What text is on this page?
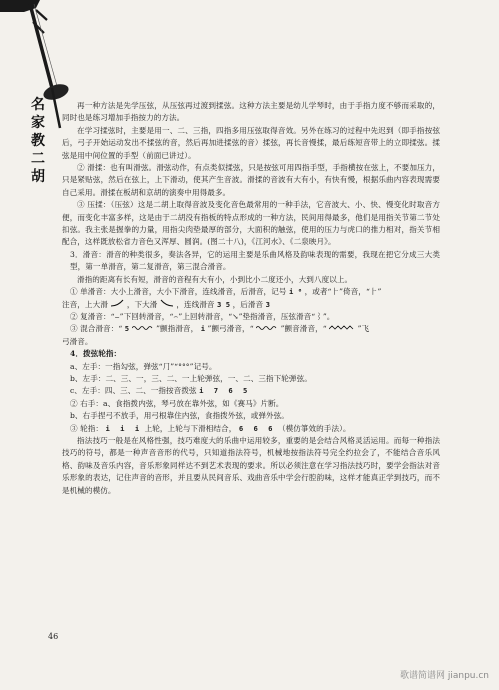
名
家
教
二
胡

再一种方法是先学压弦，从压弦再过渡到揉弦。这种方法主要是幼儿学琴时，由于手指力度不够而采取的，同时也是练习增加手指按力的方法。

在学习揉弦时，主要是用一、二、三指，四指多用压弦取得音效。另外在练习的过程中先迟到（即手指按弦后，弓子开始运动发出不揉弦的音，然后再加进揉弦的音）揉弦，再长音慢揉，最后练短音带上的立即揉弦。揉弦是用中间位置的手型（前面已讲过）。

② 滑揉：也有叫滑弦。滑弦动作，有点类似揉弦，只是按弦可用四指手型，手指横按在弦上，不要加压力，只是紧贴弦，然后在弦上，上下滑动，使其产生音波。滑揉的音波有大有小，有快有慢，根据乐曲内容表现需要自己采用。滑揉在板胡和京胡的演奏中用得最多。

③ 压揉：（压弦）这是二胡上取得音波及变化音色最常用的一种手法，它音波大、小、快、慢变化时取音方便，而变化丰富多样，这是由于二胡没有指板的特点形成的一种方法，民间用得最多，他们是用指关节第二节处扣弦。我主张是握拳的力量，用指尖肉垫最厚的部分，大面积的触弦，使用的压力与虎口的推力相对，指关节相配合，这样既放松省力音色又浑厚、圆润。(图二十八)，《江河水》、《二泉映月》。

3．滑音：滑音的种类很多，奏法各异，它的运用主要是乐曲风格及韵味表现的需要，我现在把它分成三大类型，第一单滑音，第二复滑音，第三混合滑音。

滑指的距离有长有短，滑音的音程有大有小，小到比小二度还小，大到八度以上。

① 单滑音：大小上滑音，大小下滑音，连线滑音，后滑音，记号 i ⁶ ，或者“⺊”倚音，“⺊”

注音，上大滑 ，下大滑 ，连线滑音 3 5 ，后滑音 3

② 复滑音：“⌣”下回转滑音，“⌢”上回转滑音，“↘”垫指滑音，压弦滑音“⌇”。

③ 混合滑音：“ 5	”颤指滑音， i ”颤弓滑音，“	”颤音滑音，“	”飞

弓滑音。

4．拨弦轮指：

a、左手：一指勾弦，弹弦“⺆”“°°°”记号。

b、左手：二、三、一，三、二、一上轮弹弦，一、二、三指下轮弹弦。

c、左手：四、三、二、一指按音拨弦 i 7 6 5

② 右手：a、食指拨内弦，琴弓放在靠外弦，如《赛马》片断。

b、右手捏弓不放手，用弓根靠住内弦，食指拨外弦，或弹外弦。

③ 轮指： i i i 上轮，上轮与下滑相结合， 6 6 6 （模仿箏效的手法）。

指法技巧一般是在风格性强，技巧难度大的乐曲中运用较多，重要的是会结合风格灵活运用。而每一种指法技巧的符号，都是一种声音音形的代号，只知道指法符号，机械地按指法符号完全约拉会了，不能结合音乐风格、韵味及音乐内容，音乐形象同样达不到艺术表现的要求。所以必须注意在学习指法技巧时，要学会指法对音乐形象的表达，记住声音的音形，并且要从民间音乐、戏曲音乐中学会行腔韵味，这样才能真正学到技巧，而不是机械的模仿。

46
歌谱简谱网 jianpu.cn
